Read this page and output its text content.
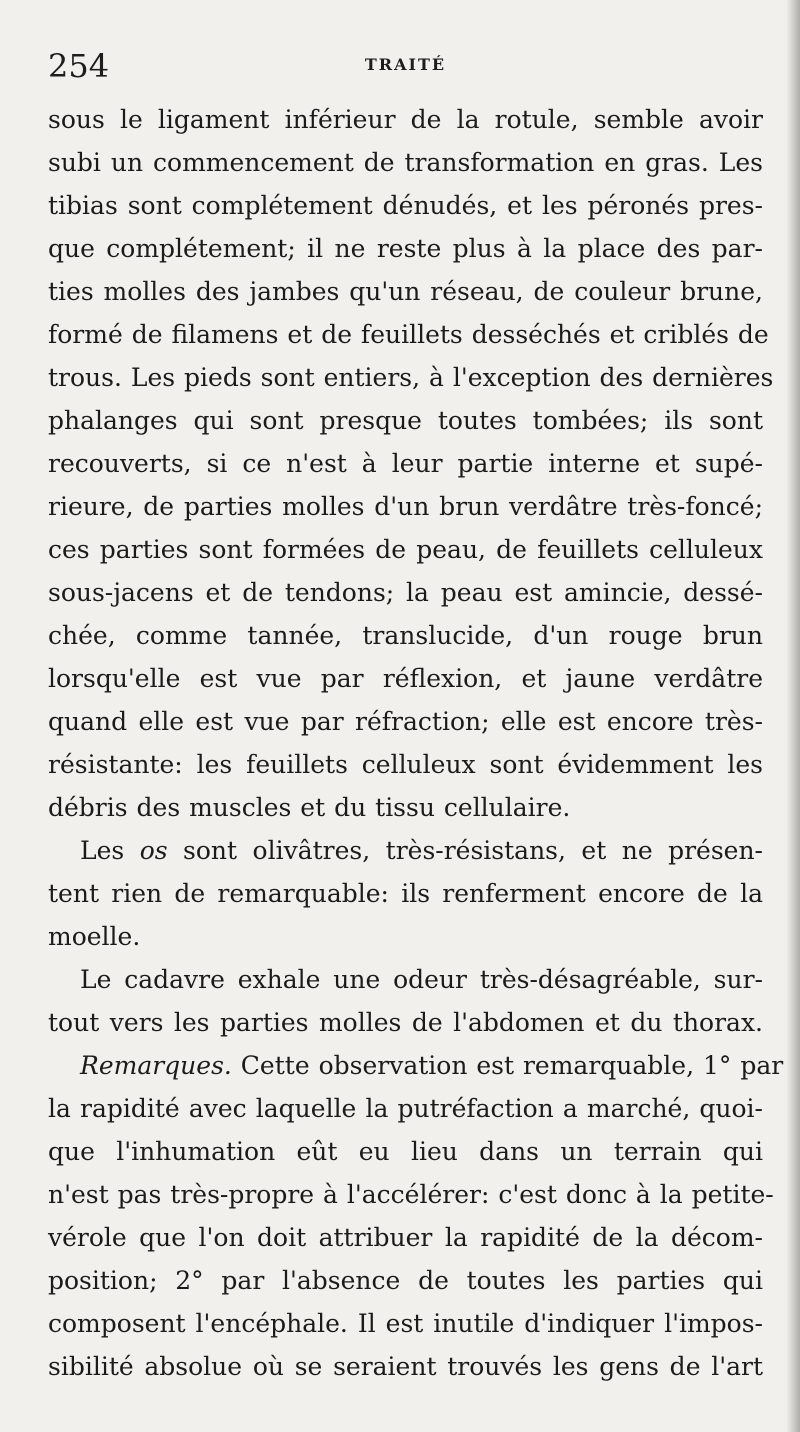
254	TRAITÉ
sous le ligament inférieur de la rotule, semble avoir
subi un commencement de transformation en gras. Les
tibias sont complétement dénudés, et les péronés pres-
que complétement; il ne reste plus à la place des par-
ties molles des jambes qu'un réseau, de couleur brune,
formé de filamens et de feuillets desséchés et criblés de
trous. Les pieds sont entiers, à l'exception des dernières
phalanges qui sont presque toutes tombées; ils sont
recouverts, si ce n'est à leur partie interne et supé-
rieure, de parties molles d'un brun verdâtre très-foncé;
ces parties sont formées de peau, de feuillets celluleux
sous-jacens et de tendons; la peau est amincie, dessé-
chée, comme tannée, translucide, d'un rouge brun
lorsqu'elle est vue par réflexion, et jaune verdâtre
quand elle est vue par réfraction; elle est encore très-
résistante: les feuillets celluleux sont évidemment les
débris des muscles et du tissu cellulaire.
Les os sont olivâtres, très-résistans, et ne présen-
tent rien de remarquable: ils renferment encore de la
moelle.
Le cadavre exhale une odeur très-désagréable, sur-
tout vers les parties molles de l'abdomen et du thorax.
Remarques. Cette observation est remarquable, 1° par
la rapidité avec laquelle la putréfaction a marché, quoi-
que l'inhumation eût eu lieu dans un terrain qui
n'est pas très-propre à l'accélérer: c'est donc à la petite-
vérole que l'on doit attribuer la rapidité de la décom-
position; 2° par l'absence de toutes les parties qui
composent l'encéphale. Il est inutile d'indiquer l'impos-
sibilité absolue où se seraient trouvés les gens de l'art
